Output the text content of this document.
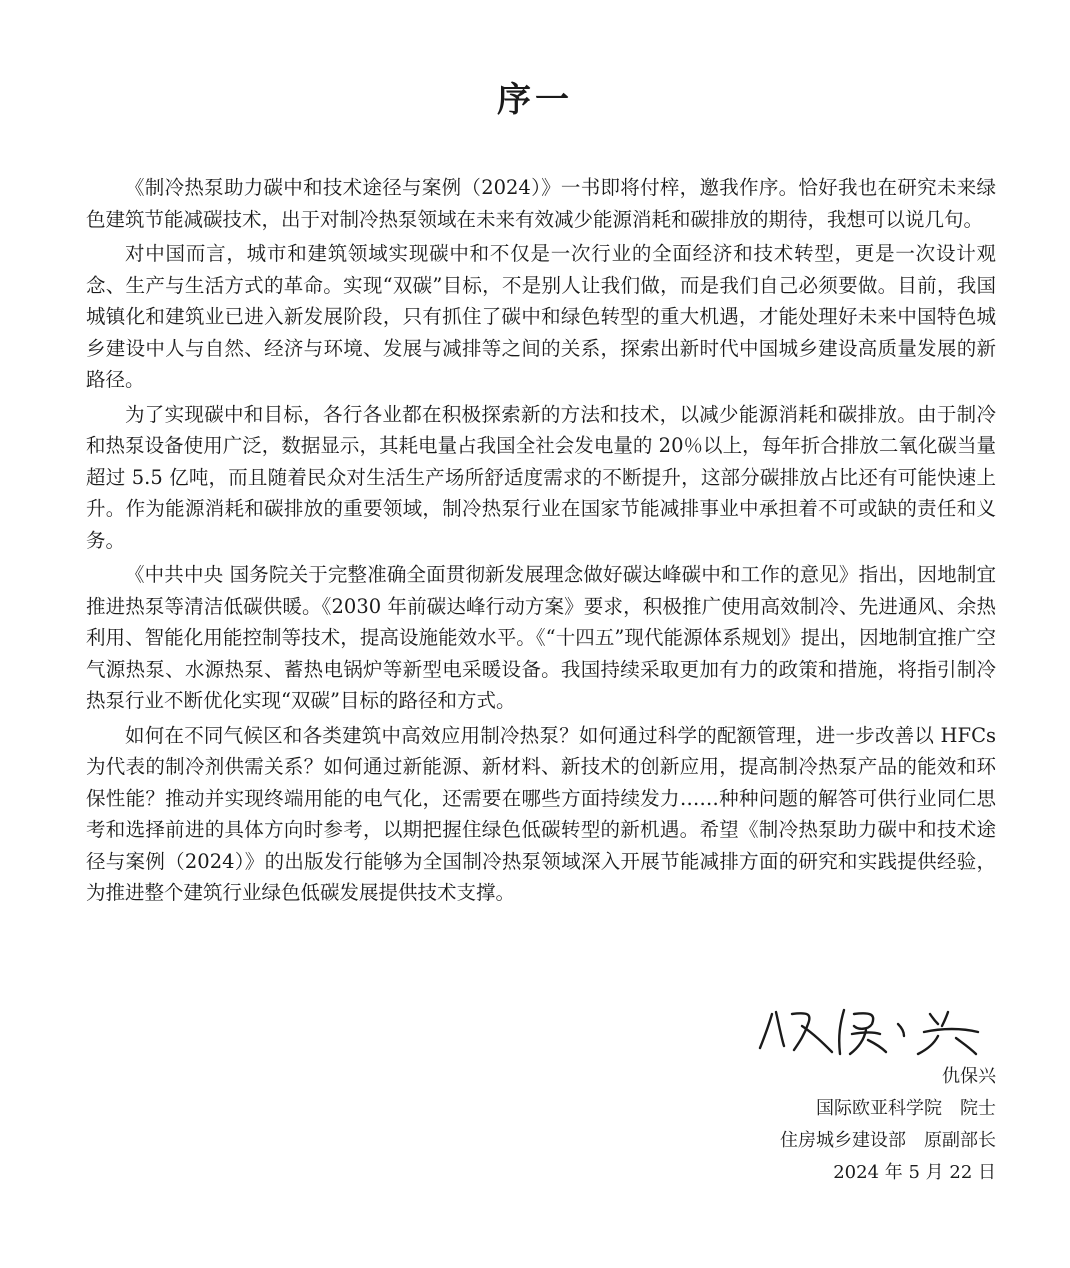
序一

《制冷热泵助力碳中和技术途径与案例（2024）》一书即将付梓，邀我作序。恰好我也在研究未来绿色建筑节能减碳技术，出于对制冷热泵领域在未来有效减少能源消耗和碳排放的期待，我想可以说几句。

对中国而言，城市和建筑领域实现碳中和不仅是一次行业的全面经济和技术转型，更是一次设计观念、生产与生活方式的革命。实现“双碳”目标，不是别人让我们做，而是我们自己必须要做。目前，我国城镇化和建筑业已进入新发展阶段，只有抓住了碳中和绿色转型的重大机遇，才能处理好未来中国特色城乡建设中人与自然、经济与环境、发展与减排等之间的关系，探索出新时代中国城乡建设高质量发展的新路径。

为了实现碳中和目标，各行各业都在积极探索新的方法和技术，以减少能源消耗和碳排放。由于制冷和热泵设备使用广泛，数据显示，其耗电量占我国全社会发电量的 20％以上，每年折合排放二氧化碳当量超过 5.5 亿吨，而且随着民众对生活生产场所舒适度需求的不断提升，这部分碳排放占比还有可能快速上升。作为能源消耗和碳排放的重要领域，制冷热泵行业在国家节能减排事业中承担着不可或缺的责任和义务。

《中共中央 国务院关于完整准确全面贯彻新发展理念做好碳达峰碳中和工作的意见》指出，因地制宜推进热泵等清洁低碳供暖。《2030 年前碳达峰行动方案》要求，积极推广使用高效制冷、先进通风、余热利用、智能化用能控制等技术，提高设施能效水平。《“十四五”现代能源体系规划》提出，因地制宜推广空气源热泵、水源热泵、蓄热电锅炉等新型电采暖设备。我国持续采取更加有力的政策和措施，将指引制冷热泵行业不断优化实现“双碳”目标的路径和方式。

如何在不同气候区和各类建筑中高效应用制冷热泵？如何通过科学的配额管理，进一步改善以 HFCs 为代表的制冷剂供需关系？如何通过新能源、新材料、新技术的创新应用，提高制冷热泵产品的能效和环保性能？推动并实现终端用能的电气化，还需要在哪些方面持续发力……种种问题的解答可供行业同仁思考和选择前进的具体方向时参考，以期把握住绿色低碳转型的新机遇。希望《制冷热泵助力碳中和技术途径与案例（2024）》的出版发行能够为全国制冷热泵领域深入开展节能减排方面的研究和实践提供经验，为推进整个建筑行业绿色低碳发展提供技术支撑。

仇保兴
国际欧亚科学院　院士
住房城乡建设部　原副部长
2024 年 5 月 22 日
